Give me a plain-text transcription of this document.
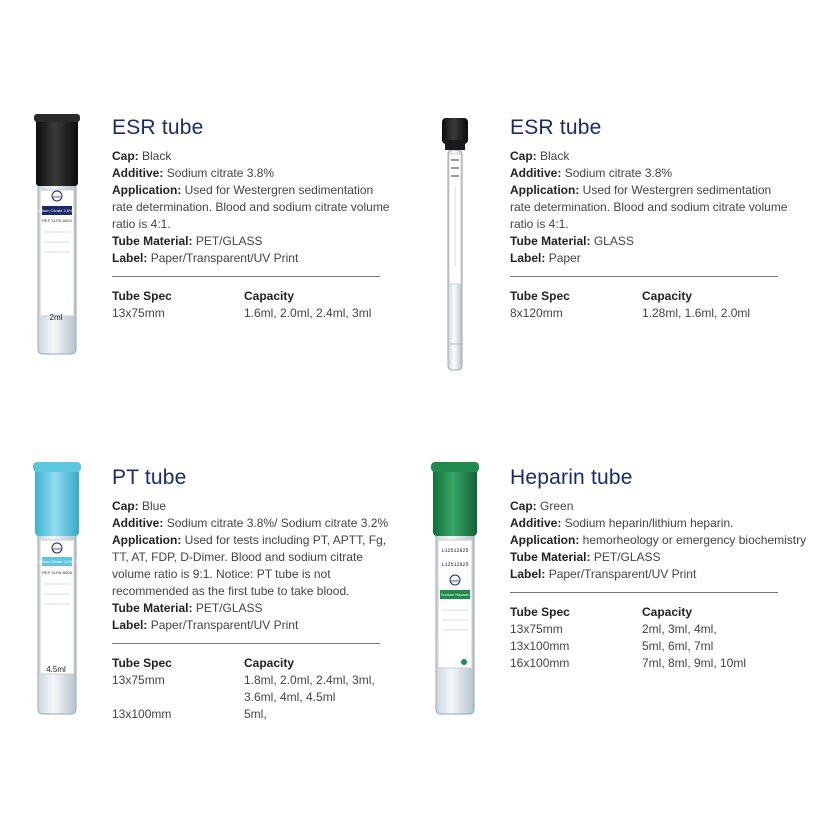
pinle
Sodium Citrate 3.8%1:4
REF XLPA-A503
2ml
ESR tube
Cap: Black
Additive: Sodium citrate 3.8%
Application: Used for Westergren sedimentation rate determination. Blood and sodium citrate volume ratio is 4:1.
Tube Material: PET/GLASS
Label: Paper/Transparent/UV Print
Tube Spec	Capacity
13x75mm	1.6ml, 2.0ml, 2.4ml, 3ml
ESR tube
Cap: Black
Additive: Sodium citrate 3.8%
Application: Used for Westergren sedimentation rate determination. Blood and sodium citrate volume ratio is 4:1.
Tube Material: GLASS
Label: Paper
Tube Spec	Capacity
8x120mm	1.28ml, 1.6ml, 2.0ml
pinle
Sodium Citrate 3.2%1:9
REF XLPA-B508
4.5ml
PT tube
Cap: Blue
Additive: Sodium citrate 3.8%/ Sodium citrate 3.2%
Application: Used for tests including PT, APTT, Fg, TT, AT, FDP, D-Dimer. Blood and sodium citrate volume ratio is 9:1. Notice: PT tube is not recommended as the first tube to take blood.
Tube Material: PET/GLASS
Label: Paper/Transparent/UV Print
Tube Spec	Capacity
13x75mm	1.8ml, 2.0ml, 2.4ml, 3ml,
3.6ml, 4ml, 4.5ml
13x100mm	5ml,
L12512825
L12512825
pinle
Sodium Heparin
Heparin tube
Cap: Green
Additive: Sodium heparin/lithium heparin.
Application: hemorheology or emergency biochemistry
Tube Material: PET/GLASS
Label: Paper/Transparent/UV Print
Tube Spec	Capacity
13x75mm	2ml, 3ml, 4ml,
13x100mm	5ml, 6ml, 7ml
16x100mm	7ml, 8ml, 9ml, 10ml
